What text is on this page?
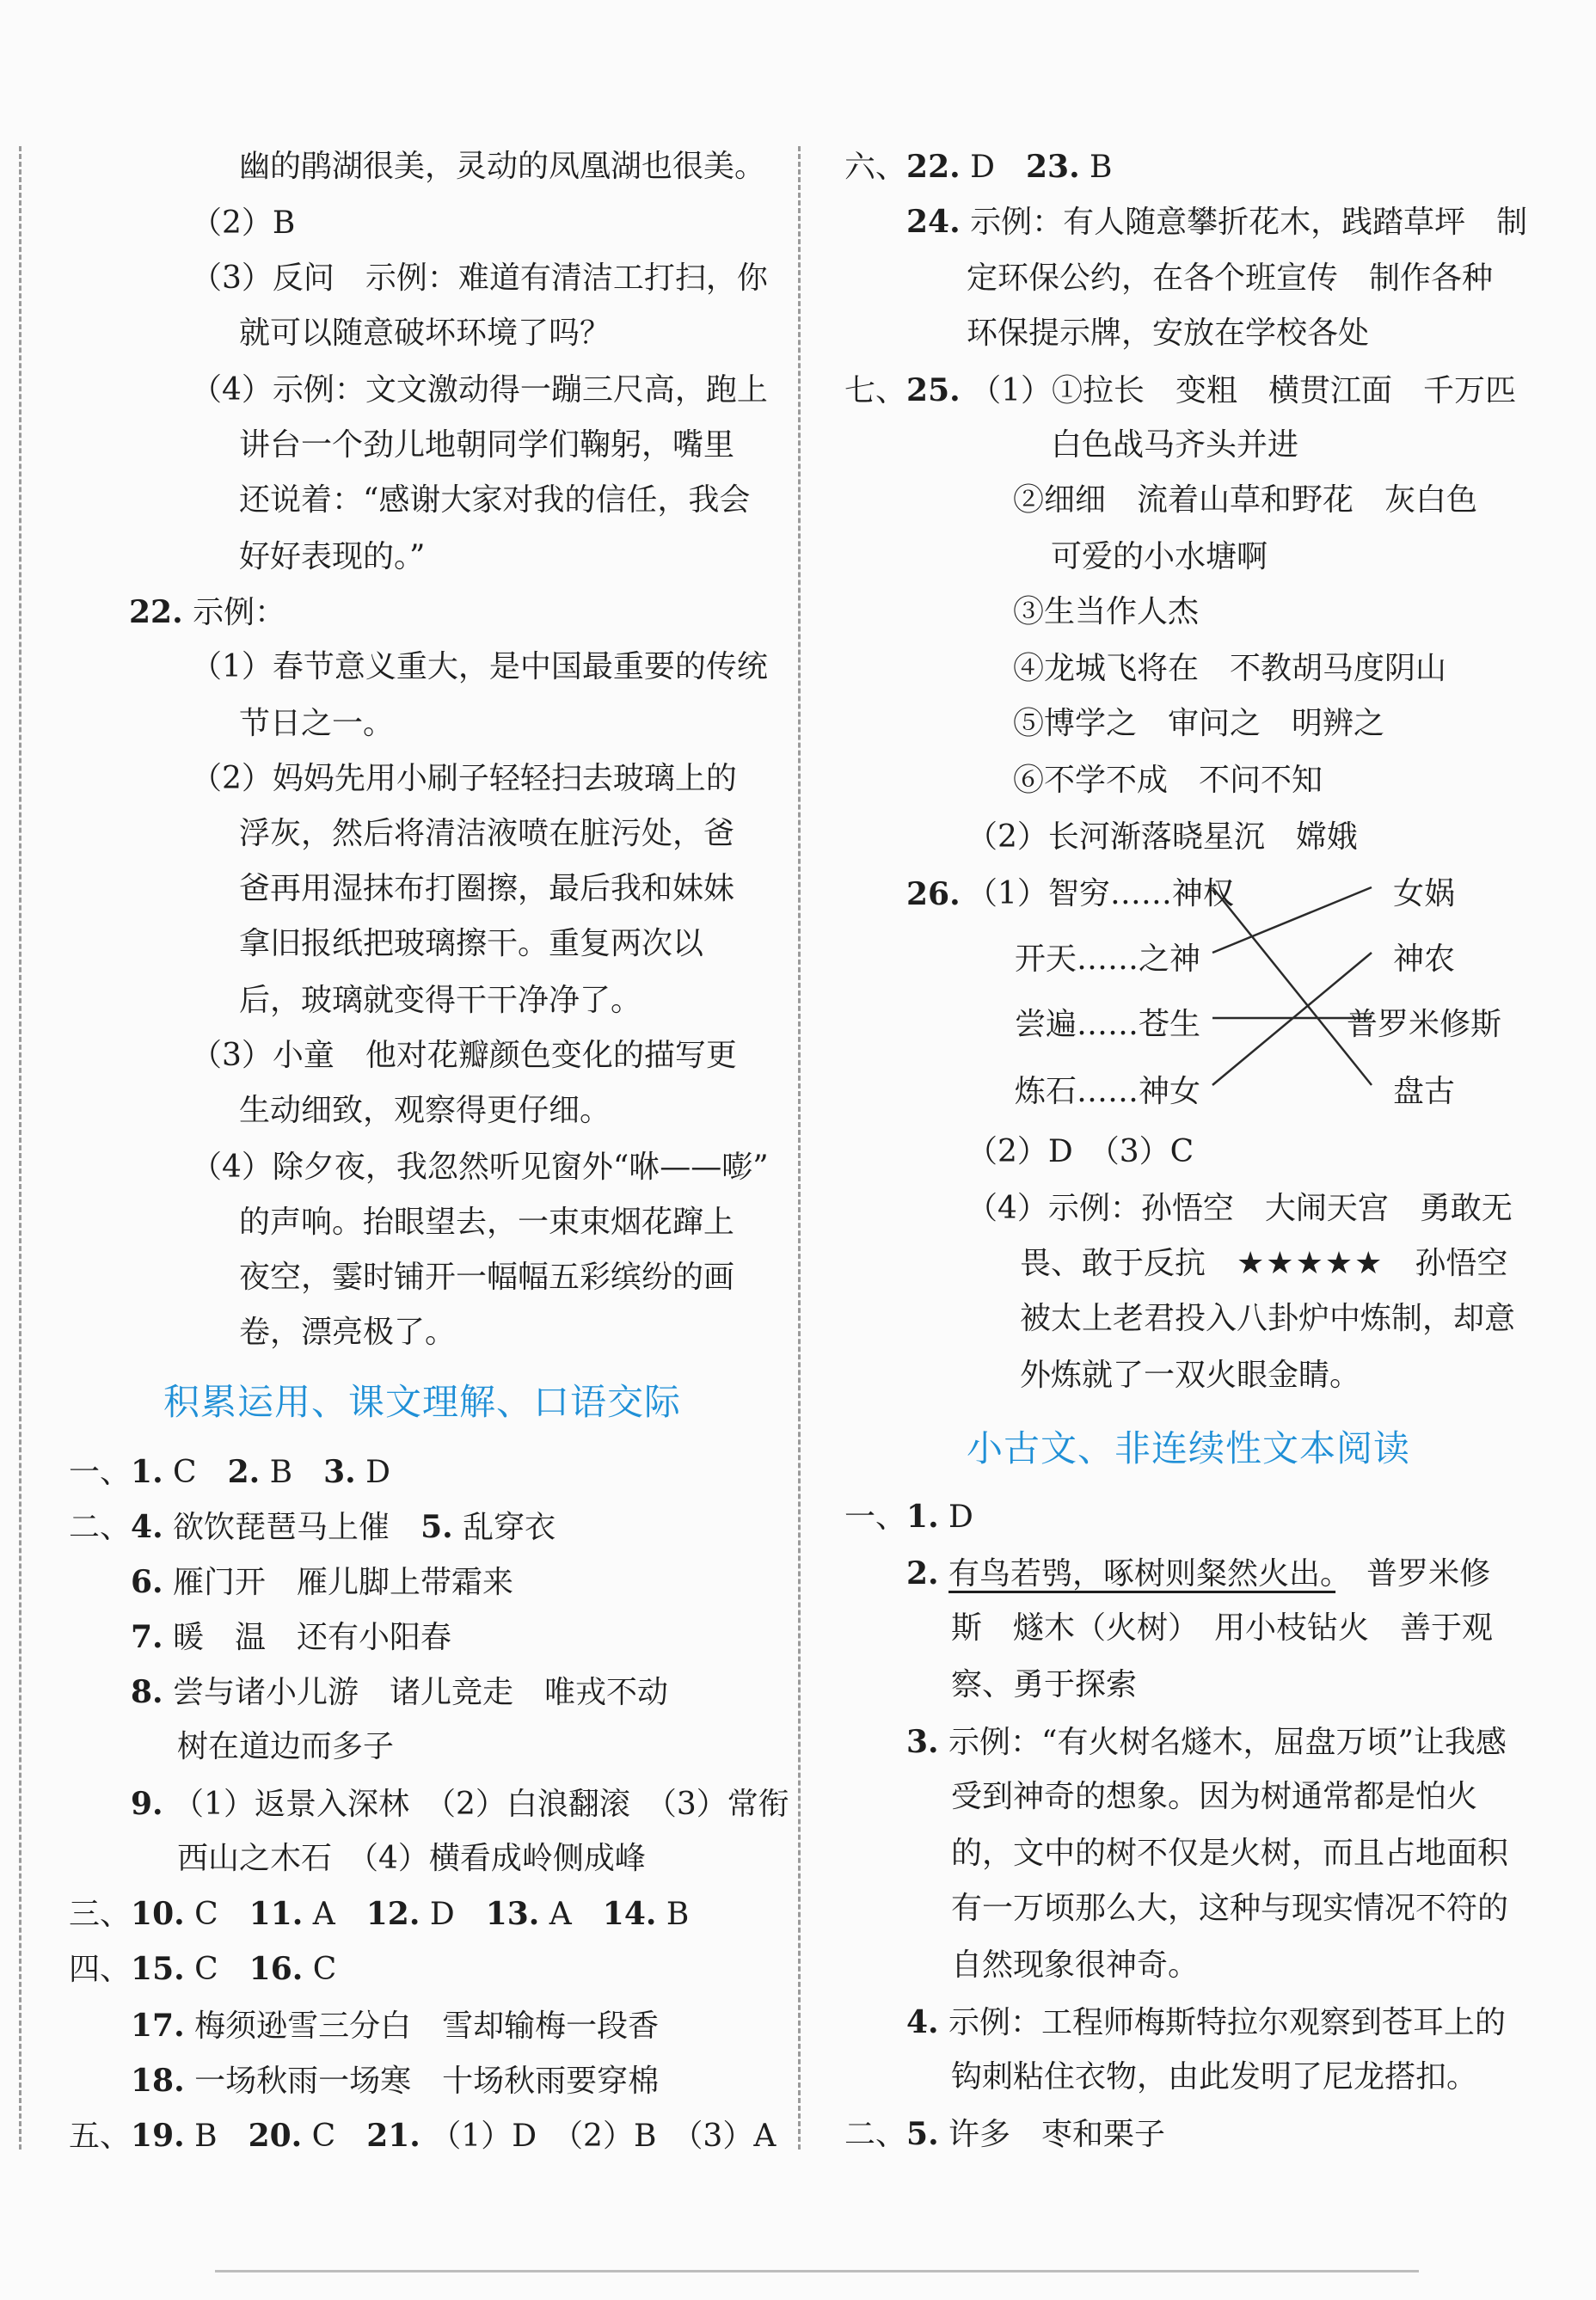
幽的鹃湖很美，灵动的凤凰湖也很美。
（2）B
（3）反问　示例：难道有清洁工打扫，你
就可以随意破坏环境了吗？
（4）示例：文文激动得一蹦三尺高，跑上
讲台一个劲儿地朝同学们鞠躬，嘴里
还说着：“感谢大家对我的信任，我会
好好表现的。”
22. 示例：
（1）春节意义重大，是中国最重要的传统
节日之一。
（2）妈妈先用小刷子轻轻扫去玻璃上的
浮灰，然后将清洁液喷在脏污处，爸
爸再用湿抹布打圈擦，最后我和妹妹
拿旧报纸把玻璃擦干。重复两次以
后，玻璃就变得干干净净了。
（3）小童　他对花瓣颜色变化的描写更
生动细致，观察得更仔细。
（4）除夕夜，我忽然听见窗外“咻——嘭”
的声响。抬眼望去，一束束烟花蹿上
夜空，霎时铺开一幅幅五彩缤纷的画
卷，漂亮极了。
积累运用、课文理解、口语交际
一、1. C　2. B　3. D
二、4. 欲饮琵琶马上催　5. 乱穿衣
6. 雁门开　雁儿脚上带霜来
7. 暖　温　还有小阳春
8. 尝与诸小儿游　诸儿竞走　唯戎不动
树在道边而多子
9. （1）返景入深林　（2）白浪翻滚　（3）常衔
西山之木石　（4）横看成岭侧成峰
三、10. C　11. A　12. D　13. A　14. B
四、15. C　16. C
17. 梅须逊雪三分白　雪却输梅一段香
18. 一场秋雨一场寒　十场秋雨要穿棉
五、19. B　20. C　21. （1）D　（2）B　（3）A
六、22. D　23. B
24. 示例：有人随意攀折花木，践踏草坪　制
定环保公约，在各个班宣传　制作各种
环保提示牌，安放在学校各处
七、25. （1）①拉长　变粗　横贯江面　千万匹
白色战马齐头并进
②细细　流着山草和野花　灰白色
可爱的小水塘啊
③生当作人杰
④龙城飞将在　不教胡马度阴山
⑤博学之　审问之　明辨之
⑥不学不成　不问不知
（2）长河渐落晓星沉　嫦娥
26. （1）智穷……神权
开天……之神
尝遍……苍生
炼石……神女
女娲
神农
普罗米修斯
盘古
（2）D　（3）C
（4）示例：孙悟空　大闹天宫　勇敢无
畏、敢于反抗　★★★★★　孙悟空
被太上老君投入八卦炉中炼制，却意
外炼就了一双火眼金睛。
小古文、非连续性文本阅读
一、1. D
2. 有鸟若鸮，啄树则粲然火出。　普罗米修
斯　燧木（火树）　用小枝钻火　善于观
察、勇于探索
3. 示例：“有火树名燧木，屈盘万顷”让我感
受到神奇的想象。因为树通常都是怕火
的，文中的树不仅是火树，而且占地面积
有一万顷那么大，这种与现实情况不符的
自然现象很神奇。
4. 示例：工程师梅斯特拉尔观察到苍耳上的
钩刺粘住衣物，由此发明了尼龙搭扣。
二、5. 许多　枣和栗子
